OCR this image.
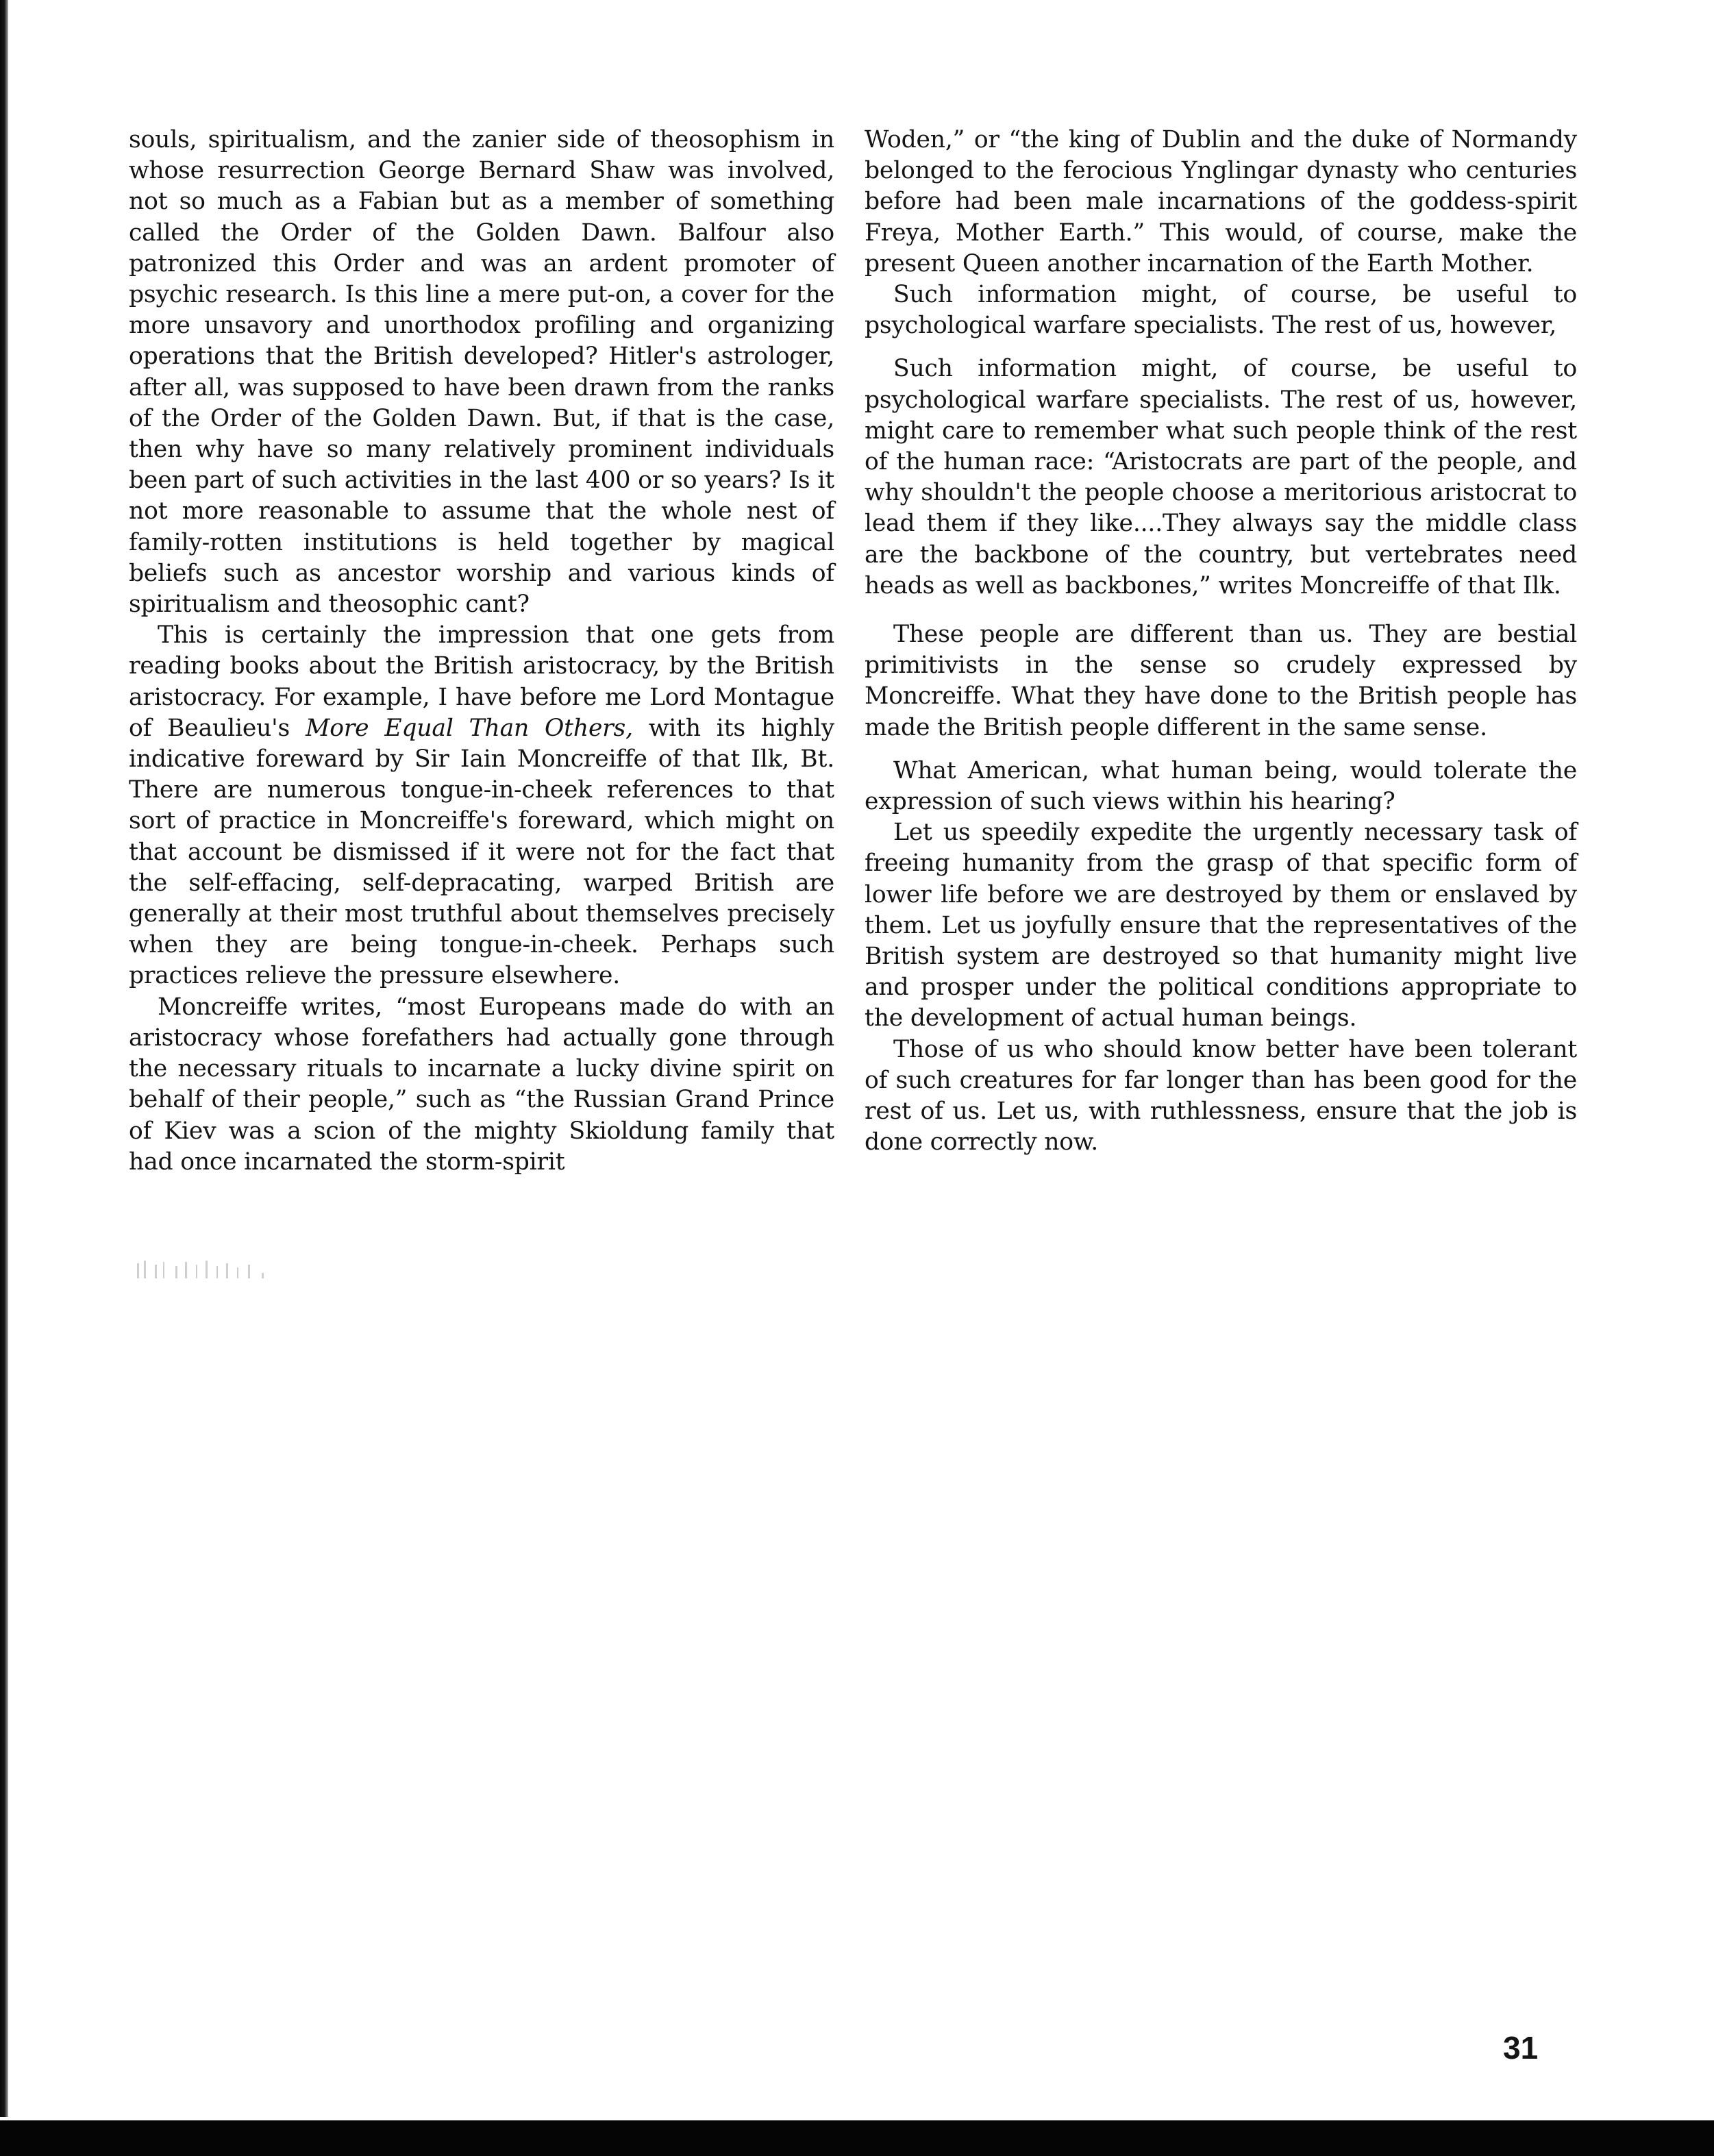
souls, spiritualism, and the zanier side of theosophism in whose resurrection George Bernard Shaw was involved, not so much as a Fabian but as a member of something called the Order of the Golden Dawn. Balfour also patronized this Order and was an ardent promoter of psychic research. Is this line a mere put-on, a cover for the more unsavory and unorthodox profiling and organizing operations that the British developed? Hitler's astrologer, after all, was supposed to have been drawn from the ranks of the Order of the Golden Dawn. But, if that is the case, then why have so many relatively prominent individuals been part of such activities in the last 400 or so years? Is it not more reasonable to assume that the whole nest of family-rotten institutions is held together by magical beliefs such as ancestor worship and various kinds of spiritualism and theosophic cant?

This is certainly the impression that one gets from reading books about the British aristocracy, by the British aristocracy. For example, I have before me Lord Montague of Beaulieu's More Equal Than Others, with its highly indicative foreward by Sir Iain Moncreiffe of that Ilk, Bt. There are numerous tongue-in-cheek references to that sort of practice in Moncreiffe's foreward, which might on that account be dismissed if it were not for the fact that the self-effacing, self-depracating, warped British are generally at their most truthful about themselves precisely when they are being tongue-in-cheek. Perhaps such practices relieve the pressure elsewhere.

Moncreiffe writes, “most Europeans made do with an aristocracy whose forefathers had actually gone through the necessary rituals to incarnate a lucky divine spirit on behalf of their people,” such as “the Russian Grand Prince of Kiev was a scion of the mighty Skioldung family that had once incarnated the storm-spirit

Woden,” or “the king of Dublin and the duke of Normandy belonged to the ferocious Ynglingar dynasty who centuries before had been male incarnations of the goddess-spirit Freya, Mother Earth.” This would, of course, make the present Queen another incarnation of the Earth Mother.

Such information might, of course, be useful to psychological warfare specialists. The rest of us, however,

Such information might, of course, be useful to psychological warfare specialists. The rest of us, however, might care to remember what such people think of the rest of the human race: “Aristocrats are part of the people, and why shouldn't the people choose a meritorious aristocrat to lead them if they like....They always say the middle class are the backbone of the country, but vertebrates need heads as well as backbones,” writes Moncreiffe of that Ilk.

These people are different than us. They are bestial primitivists in the sense so crudely expressed by Moncreiffe. What they have done to the British people has made the British people different in the same sense.

What American, what human being, would tolerate the expression of such views within his hearing?

Let us speedily expedite the urgently necessary task of freeing humanity from the grasp of that specific form of lower life before we are destroyed by them or enslaved by them. Let us joyfully ensure that the representatives of the British system are destroyed so that humanity might live and prosper under the political conditions appropriate to the development of actual human beings.

Those of us who should know better have been tolerant of such creatures for far longer than has been good for the rest of us. Let us, with ruthlessness, ensure that the job is done correctly now.

31
